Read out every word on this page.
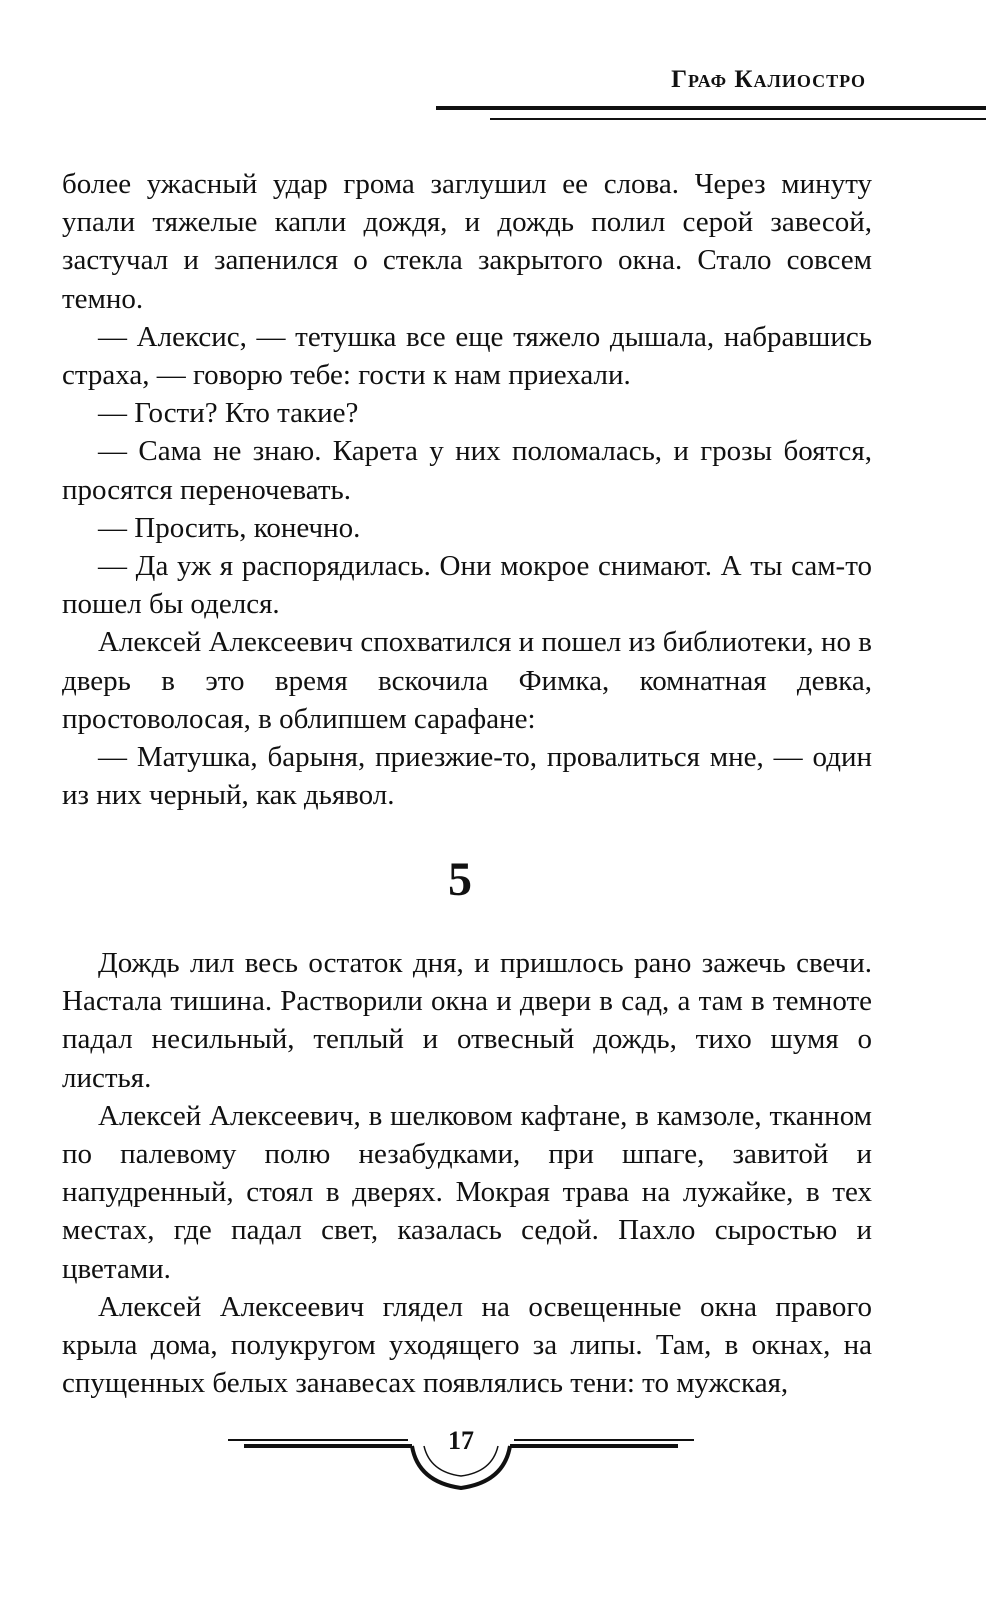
Граф Калиостро

более ужасный удар грома заглушил ее слова. Через минуту упали тяжелые капли дождя, и дождь полил серой завесой, застучал и запенился о стекла закрытого окна. Стало совсем темно.

— Алексис, — тетушка все еще тяжело дышала, набравшись страха, — говорю тебе: гости к нам приехали.

— Гости? Кто такие?

— Сама не знаю. Карета у них поломалась, и грозы боятся, просятся переночевать.

— Просить, конечно.

— Да уж я распорядилась. Они мокрое снимают. А ты сам-то пошел бы оделся.

Алексей Алексеевич спохватился и пошел из библиотеки, но в дверь в это время вскочила Фимка, комнатная девка, простоволосая, в облипшем сарафане:

— Матушка, барыня, приезжие-то, провалиться мне, — один из них черный, как дьявол.

5

Дождь лил весь остаток дня, и пришлось рано зажечь свечи. Настала тишина. Растворили окна и двери в сад, а там в темноте падал несильный, теплый и отвесный дождь, тихо шумя о листья.

Алексей Алексеевич, в шелковом кафтане, в камзоле, тканном по палевому полю незабудками, при шпаге, завитой и напудренный, стоял в дверях. Мокрая трава на лужайке, в тех местах, где падал свет, казалась седой. Пахло сыростью и цветами.

Алексей Алексеевич глядел на освещенные окна правого крыла дома, полукругом уходящего за липы. Там, в окнах, на спущенных белых занавесах появлялись тени: то мужская,

17
